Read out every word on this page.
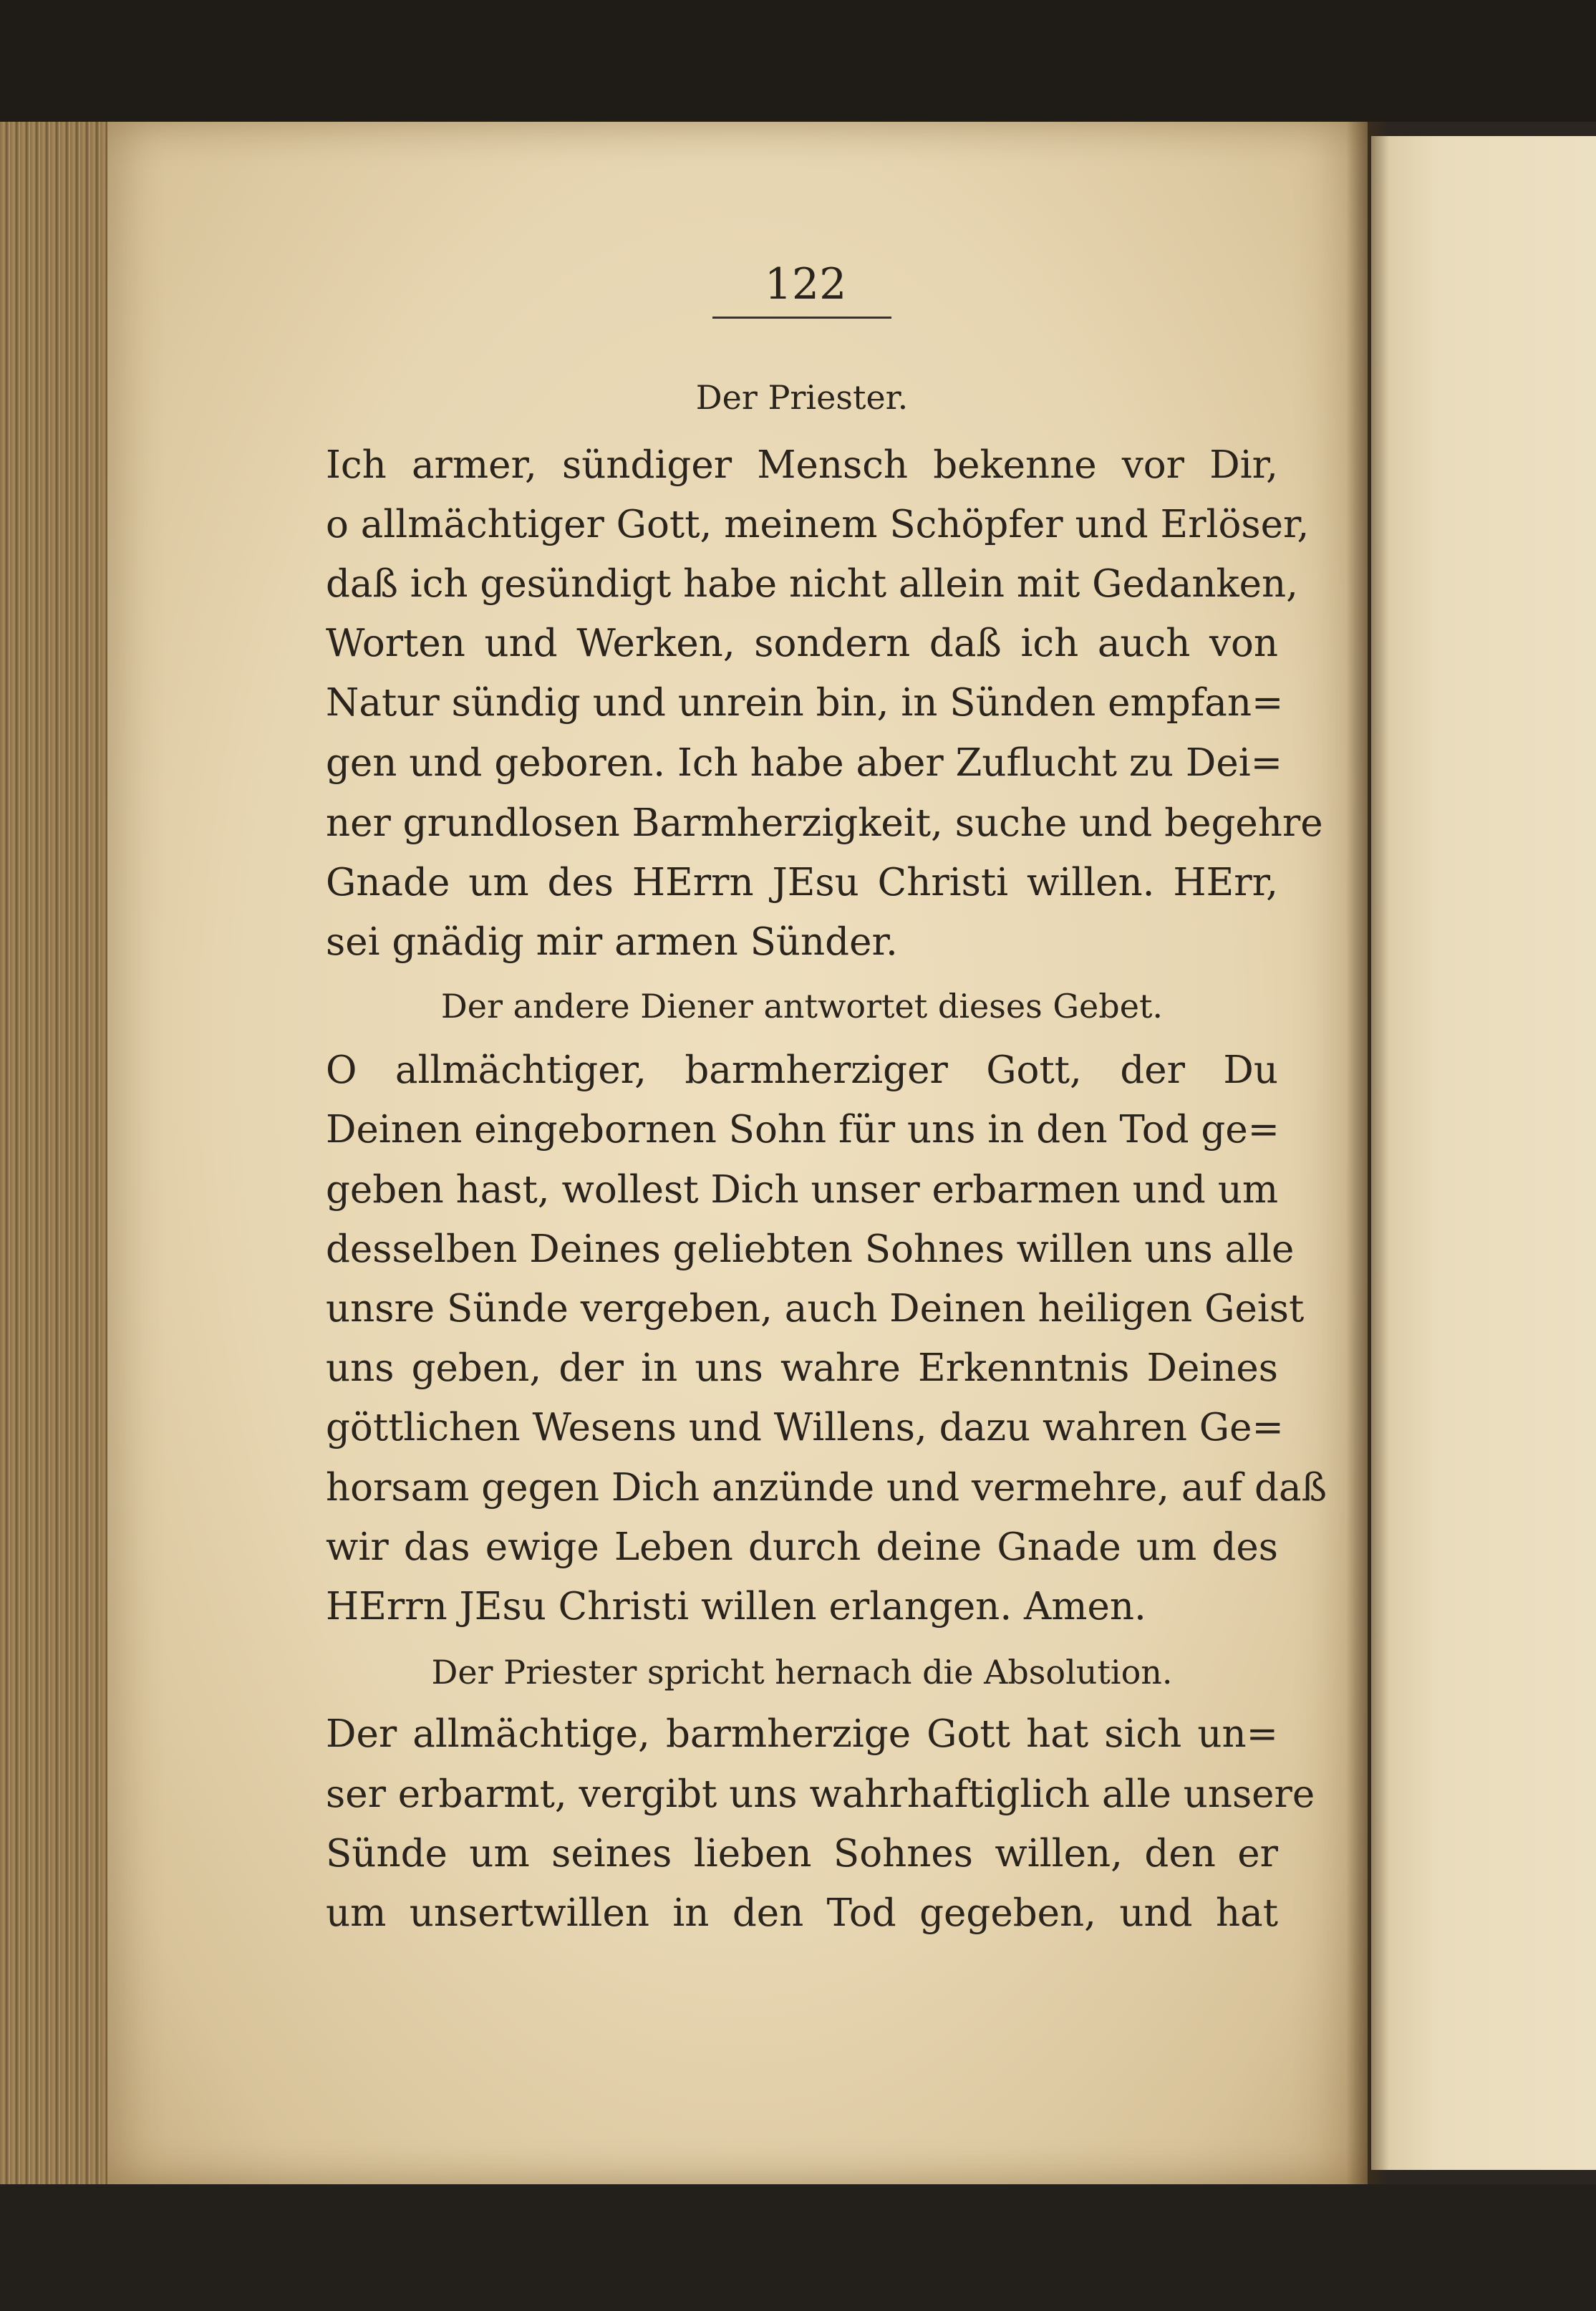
122
Der Priester.
Ich armer, sündiger Mensch bekenne vor Dir,
o allmächtiger Gott, meinem Schöpfer und Erlöser,
daß ich gesündigt habe nicht allein mit Gedanken,
Worten und Werken, sondern daß ich auch von
Natur sündig und unrein bin, in Sünden empfan=
gen und geboren. Ich habe aber Zuflucht zu Dei=
ner grundlosen Barmherzigkeit, suche und begehre
Gnade um des HErrn JEsu Christi willen. HErr,
sei gnädig mir armen Sünder.
Der andere Diener antwortet dieses Gebet.
O allmächtiger, barmherziger Gott, der Du
Deinen eingebornen Sohn für uns in den Tod ge=
geben hast, wollest Dich unser erbarmen und um
desselben Deines geliebten Sohnes willen uns alle
unsre Sünde vergeben, auch Deinen heiligen Geist
uns geben, der in uns wahre Erkenntnis Deines
göttlichen Wesens und Willens, dazu wahren Ge=
horsam gegen Dich anzünde und vermehre, auf daß
wir das ewige Leben durch deine Gnade um des
HErrn JEsu Christi willen erlangen. Amen.
Der Priester spricht hernach die Absolution.
Der allmächtige, barmherzige Gott hat sich un=
ser erbarmt, vergibt uns wahrhaftiglich alle unsere
Sünde um seines lieben Sohnes willen, den er
um unsertwillen in den Tod gegeben, und hat
